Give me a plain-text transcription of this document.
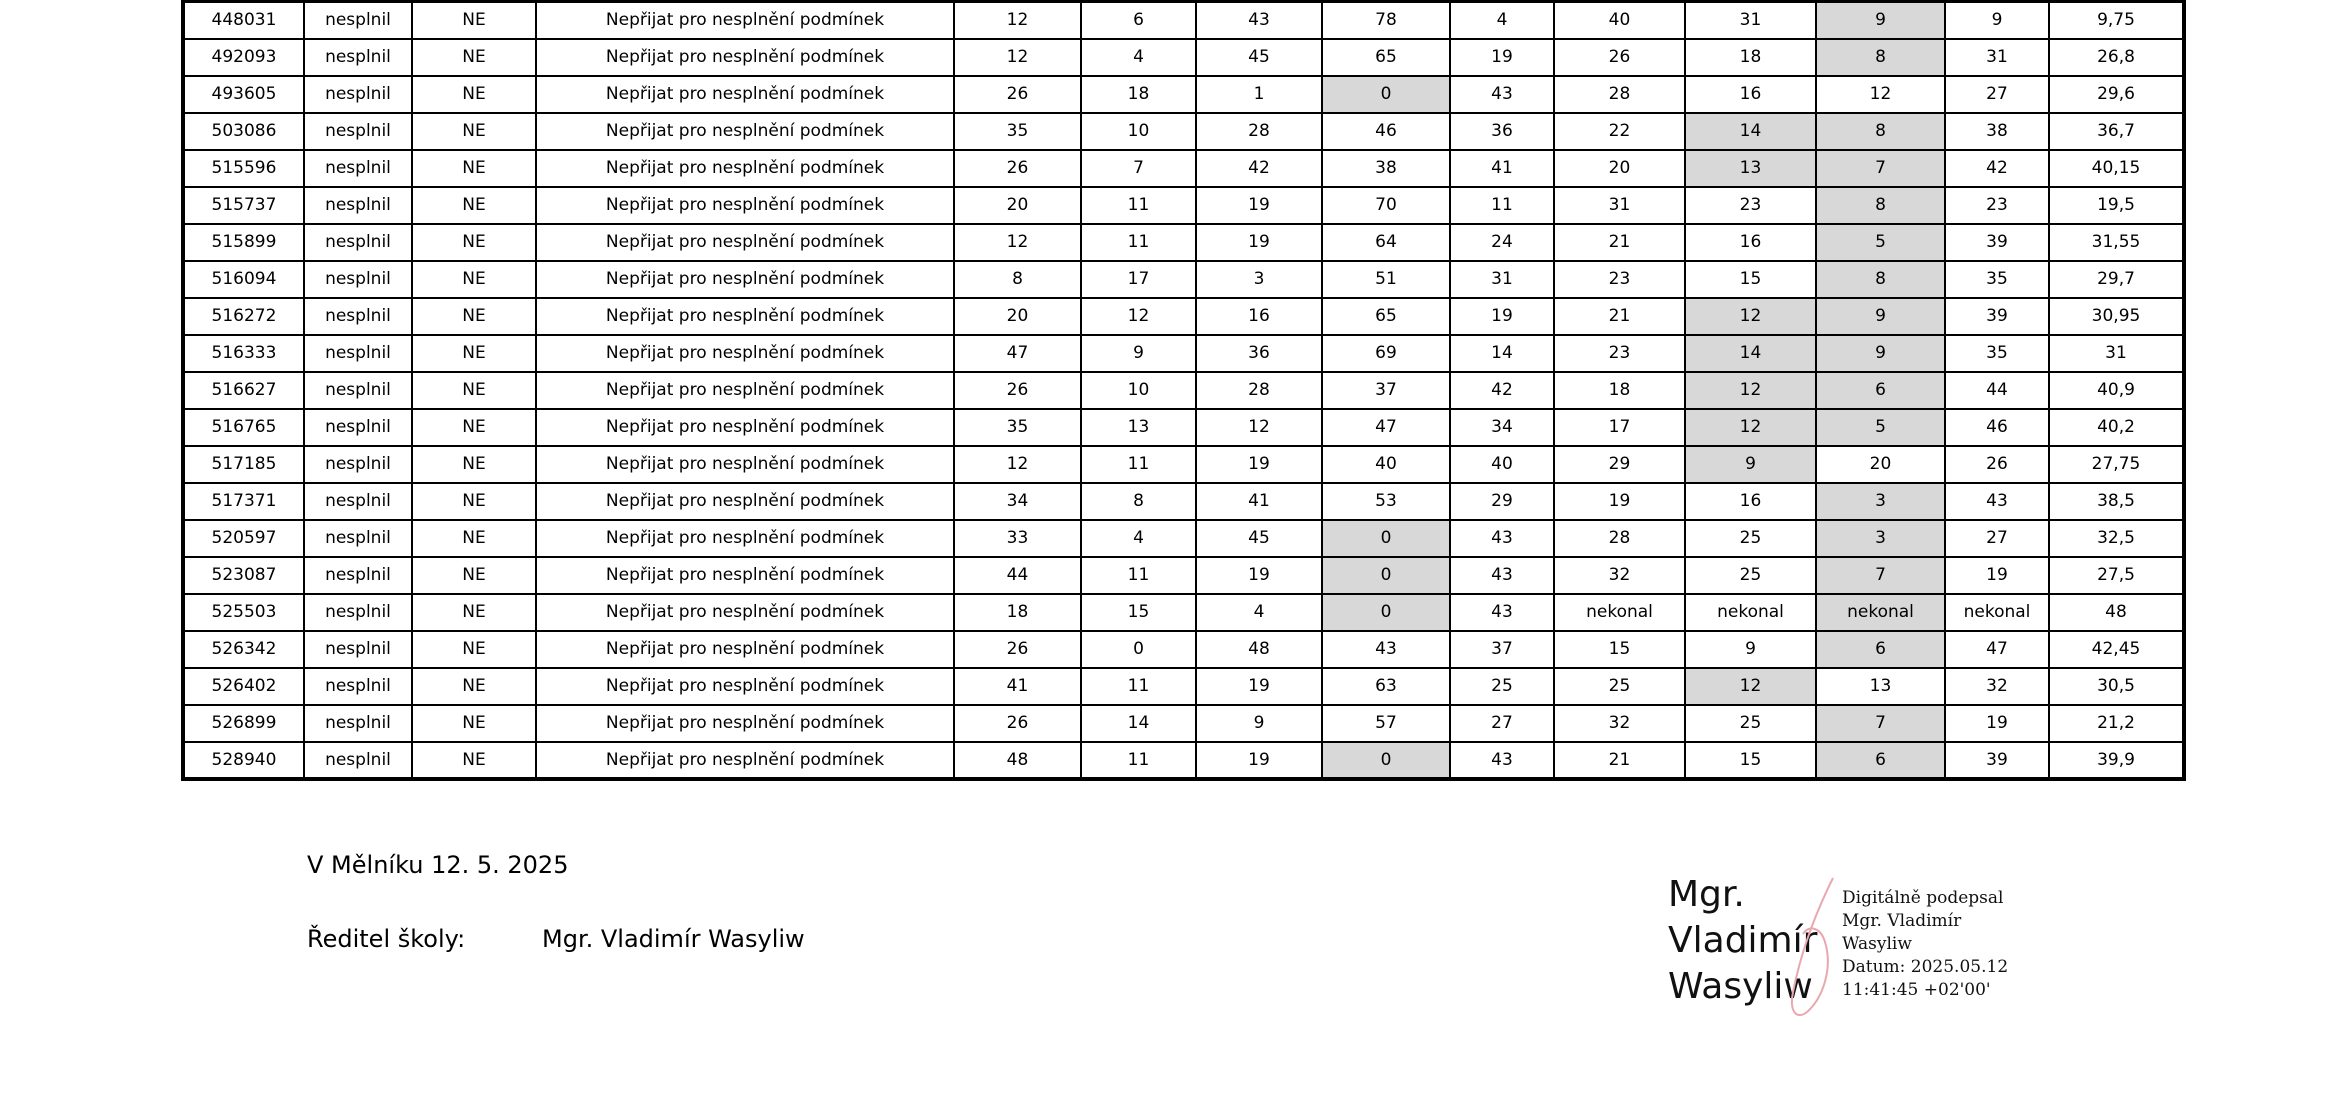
448031	nesplnil	NE	Nepřijat pro nesplnění podmínek	12	6	43	78	4	40	31	9	9	9,75
492093	nesplnil	NE	Nepřijat pro nesplnění podmínek	12	4	45	65	19	26	18	8	31	26,8
493605	nesplnil	NE	Nepřijat pro nesplnění podmínek	26	18	1	0	43	28	16	12	27	29,6
503086	nesplnil	NE	Nepřijat pro nesplnění podmínek	35	10	28	46	36	22	14	8	38	36,7
515596	nesplnil	NE	Nepřijat pro nesplnění podmínek	26	7	42	38	41	20	13	7	42	40,15
515737	nesplnil	NE	Nepřijat pro nesplnění podmínek	20	11	19	70	11	31	23	8	23	19,5
515899	nesplnil	NE	Nepřijat pro nesplnění podmínek	12	11	19	64	24	21	16	5	39	31,55
516094	nesplnil	NE	Nepřijat pro nesplnění podmínek	8	17	3	51	31	23	15	8	35	29,7
516272	nesplnil	NE	Nepřijat pro nesplnění podmínek	20	12	16	65	19	21	12	9	39	30,95
516333	nesplnil	NE	Nepřijat pro nesplnění podmínek	47	9	36	69	14	23	14	9	35	31
516627	nesplnil	NE	Nepřijat pro nesplnění podmínek	26	10	28	37	42	18	12	6	44	40,9
516765	nesplnil	NE	Nepřijat pro nesplnění podmínek	35	13	12	47	34	17	12	5	46	40,2
517185	nesplnil	NE	Nepřijat pro nesplnění podmínek	12	11	19	40	40	29	9	20	26	27,75
517371	nesplnil	NE	Nepřijat pro nesplnění podmínek	34	8	41	53	29	19	16	3	43	38,5
520597	nesplnil	NE	Nepřijat pro nesplnění podmínek	33	4	45	0	43	28	25	3	27	32,5
523087	nesplnil	NE	Nepřijat pro nesplnění podmínek	44	11	19	0	43	32	25	7	19	27,5
525503	nesplnil	NE	Nepřijat pro nesplnění podmínek	18	15	4	0	43	nekonal	nekonal	nekonal	nekonal	48
526342	nesplnil	NE	Nepřijat pro nesplnění podmínek	26	0	48	43	37	15	9	6	47	42,45
526402	nesplnil	NE	Nepřijat pro nesplnění podmínek	41	11	19	63	25	25	12	13	32	30,5
526899	nesplnil	NE	Nepřijat pro nesplnění podmínek	26	14	9	57	27	32	25	7	19	21,2
528940	nesplnil	NE	Nepřijat pro nesplnění podmínek	48	11	19	0	43	21	15	6	39	39,9
V Mělníku 12. 5. 2025
Ředitel školy:	Mgr. Vladimír Wasyliw
Mgr.
Vladimír
Wasyliw
Digitálně podepsal
Mgr. Vladimír
Wasyliw
Datum: 2025.05.12
11:41:45 +02'00'
